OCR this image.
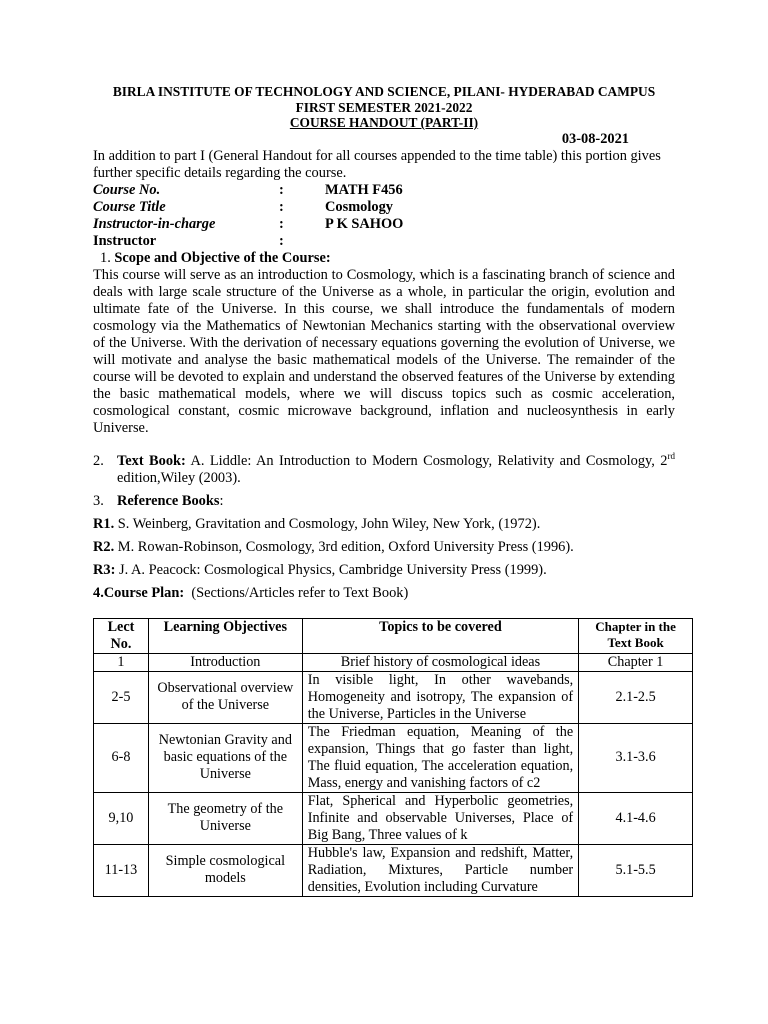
BIRLA INSTITUTE OF TECHNOLOGY AND SCIENCE, PILANI- HYDERABAD CAMPUS
FIRST SEMESTER 2021-2022
COURSE HANDOUT (PART-II)
03-08-2021
In addition to part I (General Handout for all courses appended to the time table) this portion gives further specific details regarding the course.
Course No.	:	MATH F456
Course Title	:	Cosmology
Instructor-in-charge	:	P K SAHOO
Instructor	:
1. Scope and Objective of the Course:
This course will serve as an introduction to Cosmology, which is a fascinating branch of science and deals with large scale structure of the Universe as a whole, in particular the origin, evolution and ultimate fate of the Universe. In this course, we shall introduce the fundamentals of modern cosmology via the Mathematics of Newtonian Mechanics starting with the observational overview of the Universe. With the derivation of necessary equations governing the evolution of Universe, we will motivate and analyse the basic mathematical models of the Universe. The remainder of the course will be devoted to explain and understand the observed features of the Universe by extending the basic mathematical models, where we will discuss topics such as cosmic acceleration, cosmological constant, cosmic microwave background, inflation and nucleosynthesis in early Universe.
2. Text Book: A. Liddle: An Introduction to Modern Cosmology, Relativity and Cosmology, 2rd edition,Wiley (2003).
3. Reference Books:
R1. S. Weinberg, Gravitation and Cosmology, John Wiley, New York, (1972).
R2. M. Rowan-Robinson, Cosmology, 3rd edition, Oxford University Press (1996).
R3: J. A. Peacock: Cosmological Physics, Cambridge University Press (1999).
4.Course Plan: (Sections/Articles refer to Text Book)
Lect No.	Learning Objectives	Topics to be covered	Chapter in the Text Book
1	Introduction	Brief history of cosmological ideas	Chapter 1
2-5	Observational overview of the Universe	In visible light, In other wavebands, Homogeneity and isotropy, The expansion of the Universe, Particles in the Universe	2.1-2.5
6-8	Newtonian Gravity and basic equations of the Universe	The Friedman equation, Meaning of the expansion, Things that go faster than light, The fluid equation, The acceleration equation, Mass, energy and vanishing factors of c2	3.1-3.6
9,10	The geometry of the Universe	Flat, Spherical and Hyperbolic geometries, Infinite and observable Universes, Place of Big Bang, Three values of k	4.1-4.6
11-13	Simple cosmological models	Hubble's law, Expansion and redshift, Matter, Radiation, Mixtures, Particle number densities, Evolution including Curvature	5.1-5.5
